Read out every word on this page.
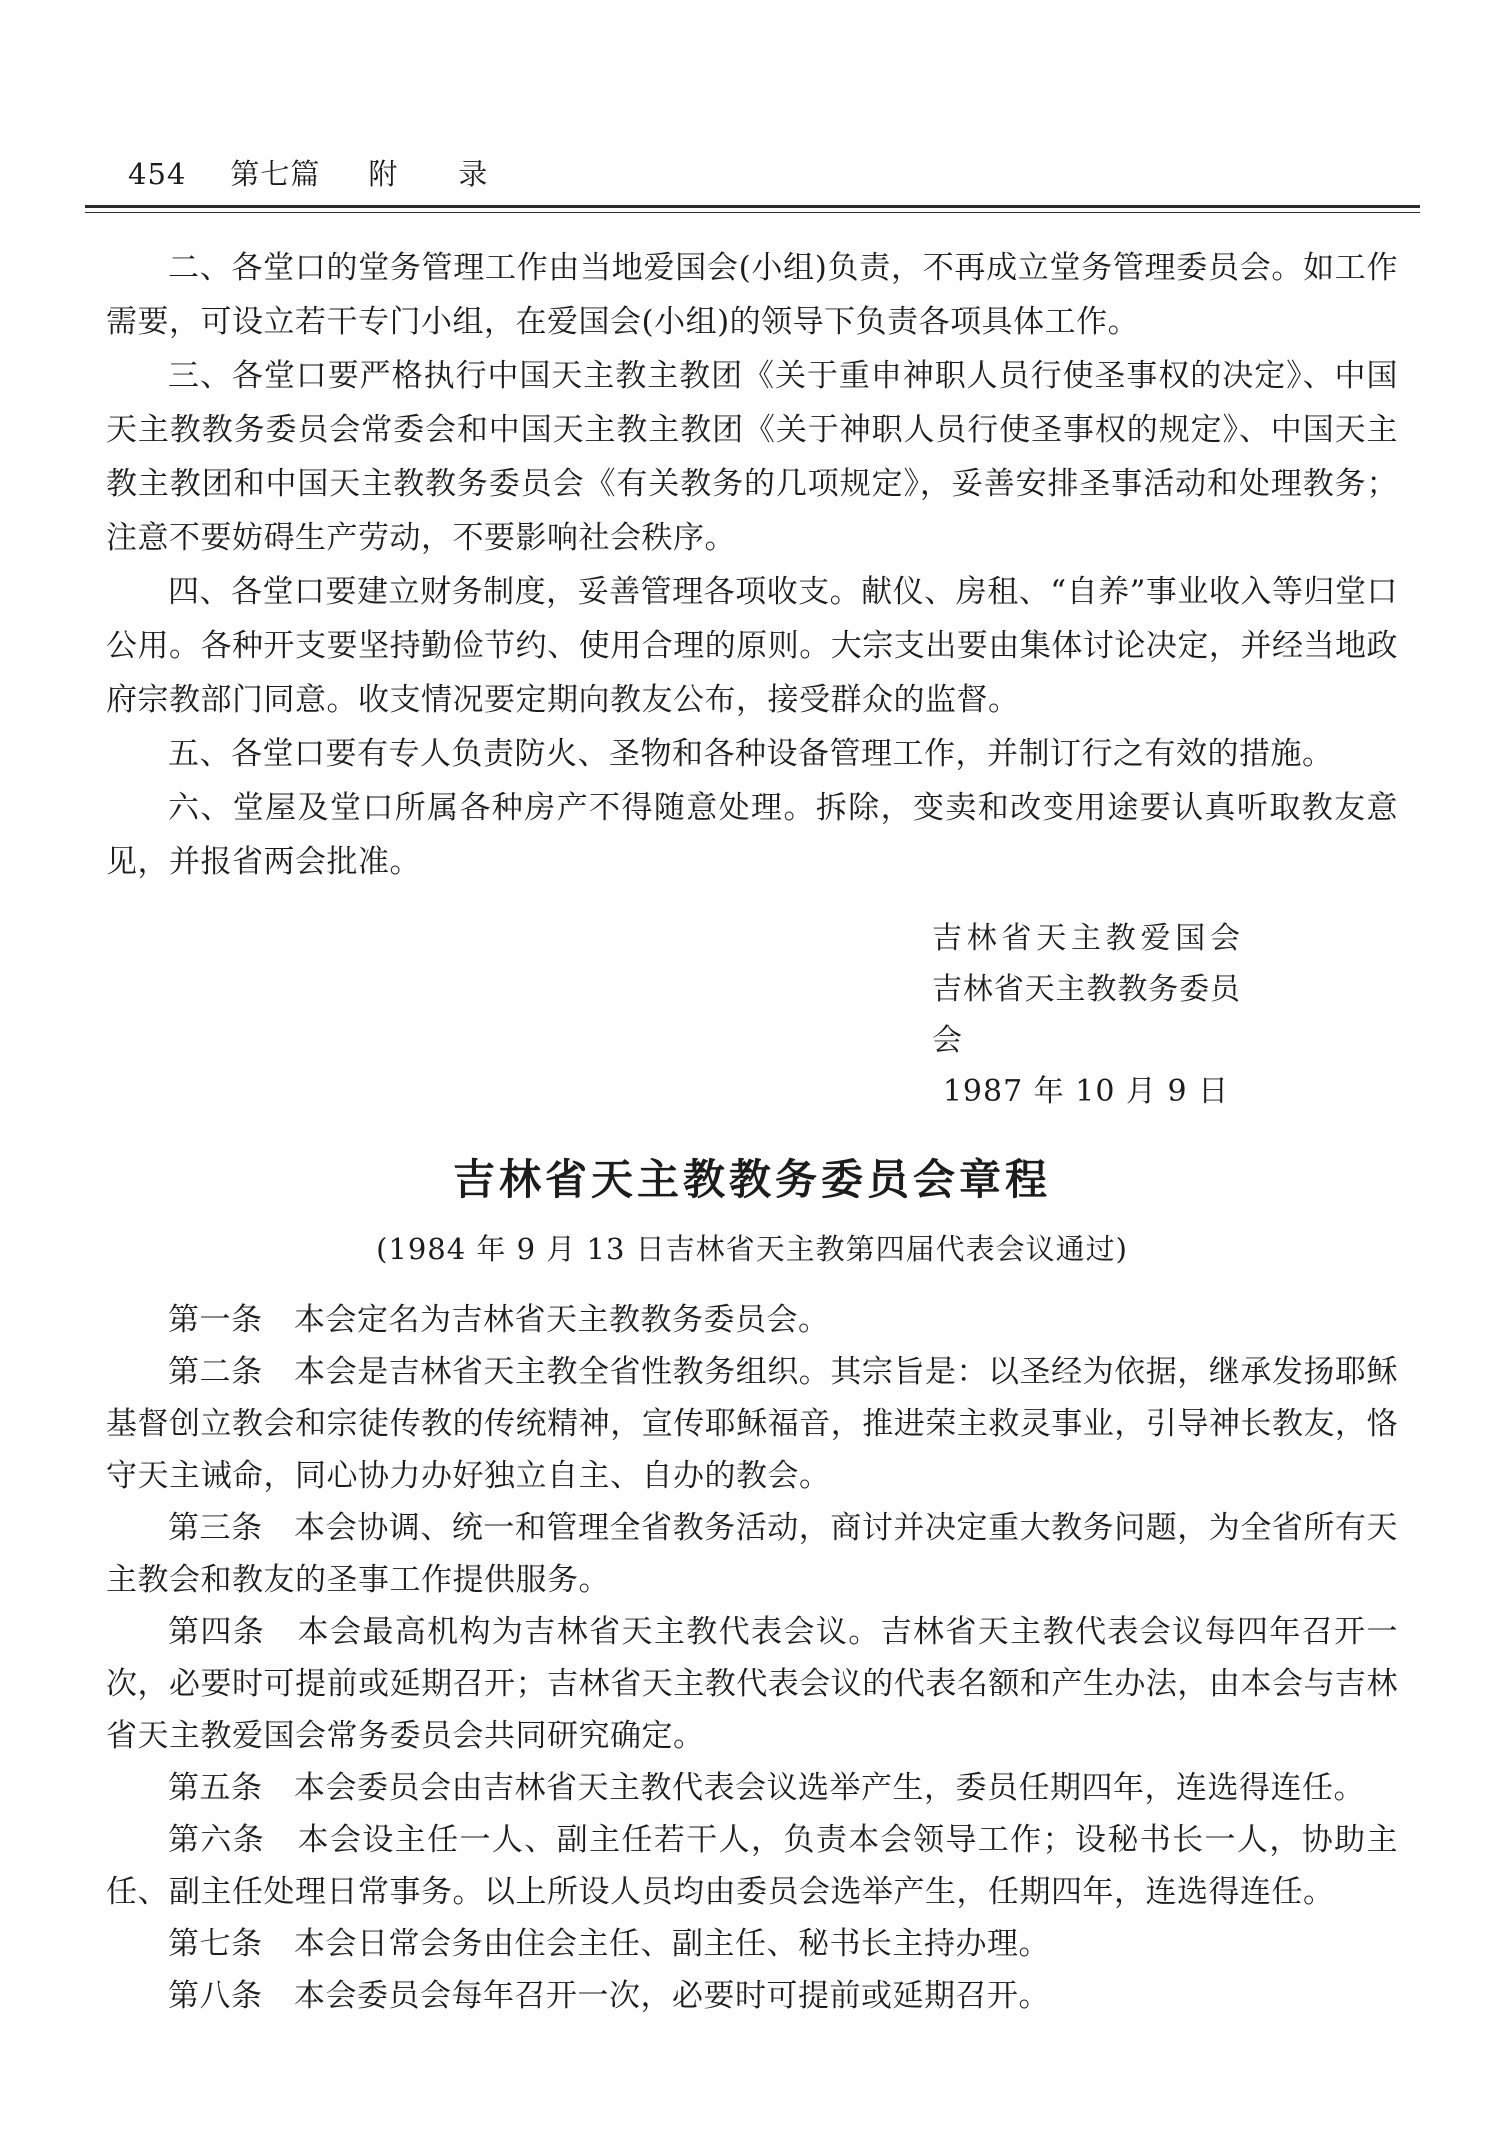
454 第七篇 附　　录

二、各堂口的堂务管理工作由当地爱国会(小组)负责，不再成立堂务管理委员会。如工作需要，可设立若干专门小组，在爱国会(小组)的领导下负责各项具体工作。

三、各堂口要严格执行中国天主教主教团《关于重申神职人员行使圣事权的决定》、中国天主教教务委员会常委会和中国天主教主教团《关于神职人员行使圣事权的规定》、中国天主教主教团和中国天主教教务委员会《有关教务的几项规定》，妥善安排圣事活动和处理教务；注意不要妨碍生产劳动，不要影响社会秩序。

四、各堂口要建立财务制度，妥善管理各项收支。献仪、房租、“自养”事业收入等归堂口公用。各种开支要坚持勤俭节约、使用合理的原则。大宗支出要由集体讨论决定，并经当地政府宗教部门同意。收支情况要定期向教友公布，接受群众的监督。

五、各堂口要有专人负责防火、圣物和各种设备管理工作，并制订行之有效的措施。

六、堂屋及堂口所属各种房产不得随意处理。拆除，变卖和改变用途要认真听取教友意见，并报省两会批准。

吉林省天主教爱国会
吉林省天主教教务委员会
1987 年 10 月 9 日
吉林省天主教教务委员会章程
(1984 年 9 月 13 日吉林省天主教第四届代表会议通过)

第一条　本会定名为吉林省天主教教务委员会。

第二条　本会是吉林省天主教全省性教务组织。其宗旨是：以圣经为依据，继承发扬耶稣基督创立教会和宗徒传教的传统精神，宣传耶稣福音，推进荣主救灵事业，引导神长教友，恪守天主诫命，同心协力办好独立自主、自办的教会。

第三条　本会协调、统一和管理全省教务活动，商讨并决定重大教务问题，为全省所有天主教会和教友的圣事工作提供服务。

第四条　本会最高机构为吉林省天主教代表会议。吉林省天主教代表会议每四年召开一次，必要时可提前或延期召开；吉林省天主教代表会议的代表名额和产生办法，由本会与吉林省天主教爱国会常务委员会共同研究确定。

第五条　本会委员会由吉林省天主教代表会议选举产生，委员任期四年，连选得连任。

第六条　本会设主任一人、副主任若干人，负责本会领导工作；设秘书长一人，协助主任、副主任处理日常事务。以上所设人员均由委员会选举产生，任期四年，连选得连任。

第七条　本会日常会务由住会主任、副主任、秘书长主持办理。

第八条　本会委员会每年召开一次，必要时可提前或延期召开。
